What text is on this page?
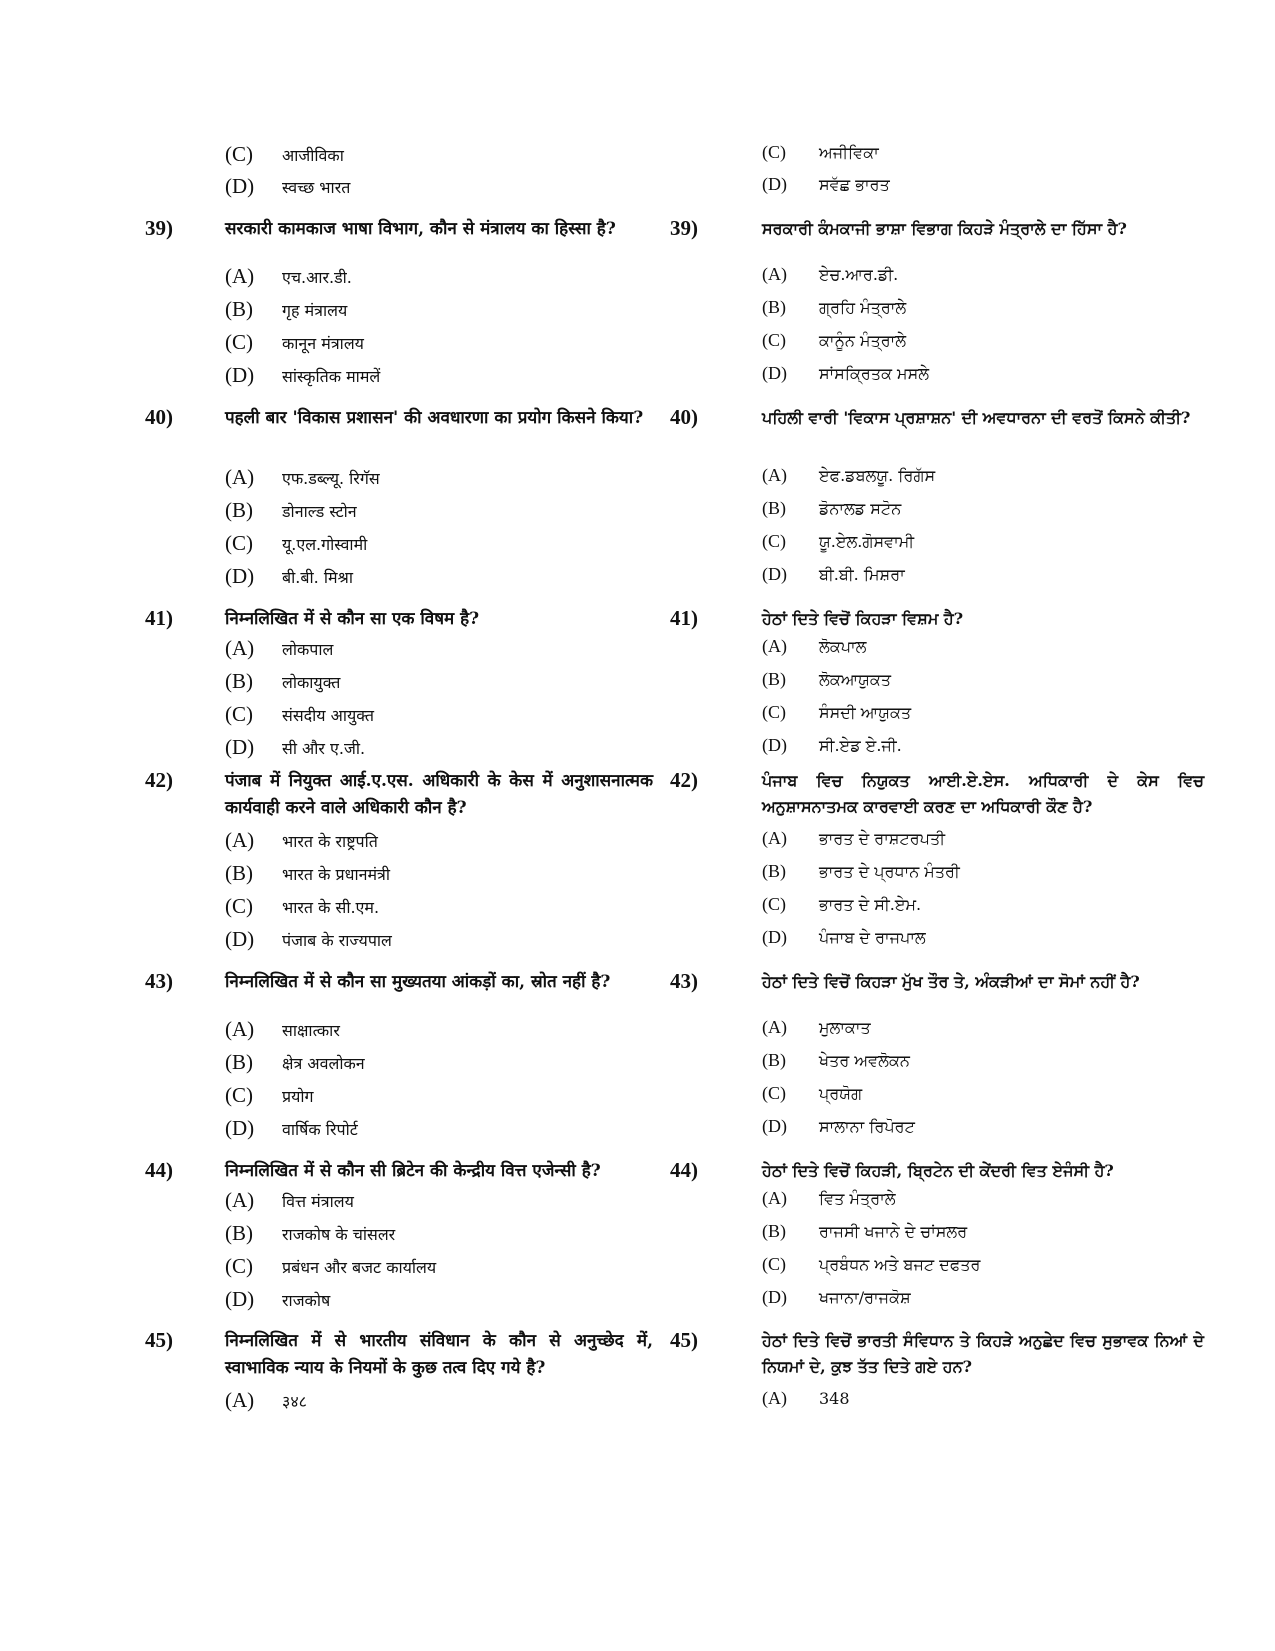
(C)	आजीविका
(D)	स्वच्छ भारत
39)	सरकारी कामकाज भाषा विभाग, कौन से मंत्रालय का हिस्सा है?
(A)	एच.आर.डी.
(B)	गृह मंत्रालय
(C)	कानून मंत्रालय
(D)	सांस्कृतिक मामलें
40)	पहली बार 'विकास प्रशासन' की अवधारणा का प्रयोग किसने किया?
(A)	एफ.डब्ल्यू. रिगॅस
(B)	डोनाल्ड स्टोन
(C)	यू.एल.गोस्वामी
(D)	बी.बी. मिश्रा
41)	निम्नलिखित में से कौन सा एक विषम है?
(A)	लोकपाल
(B)	लोकायुक्त
(C)	संसदीय आयुक्त
(D)	सी और ए.जी.
42)	पंजाब में नियुक्त आई.ए.एस. अधिकारी के केस में अनुशासनात्मक कार्यवाही करने वाले अधिकारी कौन है?
(A)	भारत के राष्ट्रपति
(B)	भारत के प्रधानमंत्री
(C)	भारत के सी.एम.
(D)	पंजाब के राज्यपाल
43)	निम्नलिखित में से कौन सा मुख्यतया आंकड़ों का, स्रोत नहीं है?
(A)	साक्षात्कार
(B)	क्षेत्र अवलोकन
(C)	प्रयोग
(D)	वार्षिक रिपोर्ट
44)	निम्नलिखित में से कौन सी ब्रिटेन की केन्द्रीय वित्त एजेन्सी है?
(A)	वित्त मंत्रालय
(B)	राजकोष के चांसलर
(C)	प्रबंधन और बजट कार्यालय
(D)	राजकोष
45)	निम्नलिखित में से भारतीय संविधान के कौन से अनुच्छेद में, स्वाभाविक न्याय के नियमों के कुछ तत्व दिए गये है?
(A)	३४८
(C)	ਅਜੀਵਿਕਾ
(D)	ਸਵੱਛ ਭਾਰਤ
39)	ਸਰਕਾਰੀ ਕੰਮਕਾਜੀ ਭਾਸ਼ਾ ਵਿਭਾਗ ਕਿਹੜੇ ਮੰਤ੍ਰਾਲੇ ਦਾ ਹਿੱਸਾ ਹੈ?
(A)	ਏਚ.ਆਰ.ਡੀ.
(B)	ਗ੍ਰਹਿ ਮੰਤ੍ਰਾਲੇ
(C)	ਕਾਨੂੰਨ ਮੰਤ੍ਰਾਲੇ
(D)	ਸਾਂਸਕ੍ਰਿਤਕ ਮਸਲੇ
40)	ਪਹਿਲੀ ਵਾਰੀ 'ਵਿਕਾਸ ਪ੍ਰਸ਼ਾਸ਼ਨ' ਦੀ ਅਵਧਾਰਨਾ ਦੀ ਵਰਤੋਂ ਕਿਸਨੇ ਕੀਤੀ?
(A)	ਏਫ.ਡਬਲਯੂ. ਰਿਗੱਸ
(B)	ਡੋਨਾਲਡ ਸਟੋਨ
(C)	ਯੂ.ਏਲ.ਗੋਸਵਾਮੀ
(D)	ਬੀ.ਬੀ. ਮਿਸ਼ਰਾ
41)	ਹੇਠਾਂ ਦਿਤੇ ਵਿਚੋਂ ਕਿਹੜਾ ਵਿਸ਼ਮ ਹੈ?
(A)	ਲੋਕਪਾਲ
(B)	ਲੋਕਆਯੁਕਤ
(C)	ਸੰਸਦੀ ਆਯੁਕਤ
(D)	ਸੀ.ਏਡ ਏ.ਜੀ.
42)	ਪੰਜਾਬ ਵਿਚ ਨਿਯੁਕਤ ਆਈ.ਏ.ਏਸ. ਅਧਿਕਾਰੀ ਦੇ ਕੇਸ ਵਿਚ ਅਨੁਸ਼ਾਸਨਾਤਮਕ ਕਾਰਵਾਈ ਕਰਣ ਦਾ ਅਧਿਕਾਰੀ ਕੌਣ ਹੈ?
(A)	ਭਾਰਤ ਦੇ ਰਾਸ਼ਟਰਪਤੀ
(B)	ਭਾਰਤ ਦੇ ਪ੍ਰਧਾਨ ਮੰਤਰੀ
(C)	ਭਾਰਤ ਦੇ ਸੀ.ਏਮ.
(D)	ਪੰਜਾਬ ਦੇ ਰਾਜਪਾਲ
43)	ਹੇਠਾਂ ਦਿਤੇ ਵਿਚੋਂ ਕਿਹੜਾ ਮੁੱਖ ਤੌਰ ਤੇ, ਅੰਕੜੀਆਂ ਦਾ ਸੋਮਾਂ ਨਹੀਂ ਹੈ?
(A)	ਮੁਲਾਕਾਤ
(B)	ਖੇਤਰ ਅਵਲੋਕਨ
(C)	ਪ੍ਰਯੋਗ
(D)	ਸਾਲਾਨਾ ਰਿਪੋਰਟ
44)	ਹੇਠਾਂ ਦਿਤੇ ਵਿਚੋਂ ਕਿਹੜੀ, ਬ੍ਰਿਟੇਨ ਦੀ ਕੇਂਦਰੀ ਵਿਤ ਏਜੰਸੀ ਹੈ?
(A)	ਵਿਤ ਮੰਤ੍ਰਾਲੇ
(B)	ਰਾਜਸੀ ਖਜਾਨੇ ਦੇ ਚਾਂਸਲਰ
(C)	ਪ੍ਰਬੰਧਨ ਅਤੇ ਬਜਟ ਦਫਤਰ
(D)	ਖਜਾਨਾ/ਰਾਜਕੋਸ਼
45)	ਹੇਠਾਂ ਦਿਤੇ ਵਿਚੋਂ ਭਾਰਤੀ ਸੰਵਿਧਾਨ ਤੇ ਕਿਹੜੇ ਅਨੁਛੇਦ ਵਿਚ ਸੁਭਾਵਕ ਨਿਆਂ ਦੇ ਨਿਯਮਾਂ ਦੇ, ਕੁਝ ਤੱਤ ਦਿਤੇ ਗਏ ਹਨ?
(A)	348
